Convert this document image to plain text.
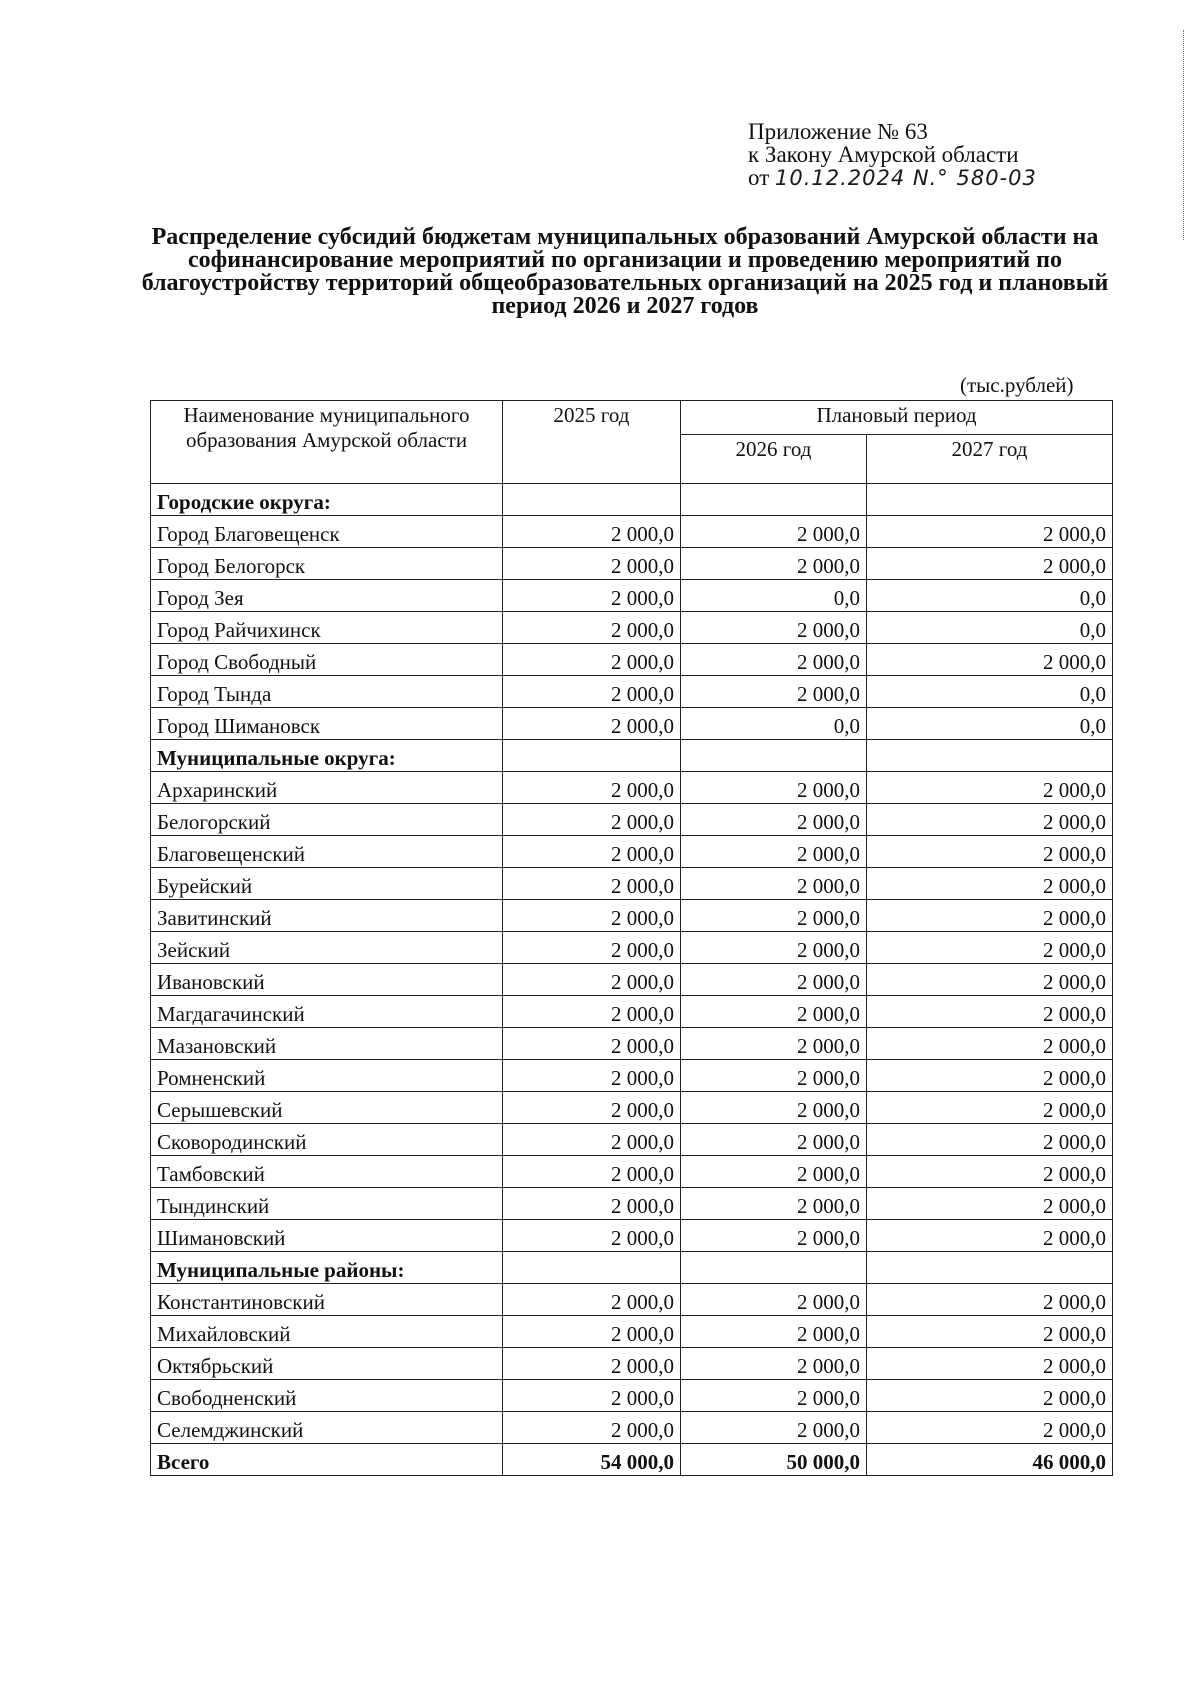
Приложение № 63
к Закону Амурской области
от 10.12.2024 N.° 580-03
Распределение субсидий бюджетам муниципальных образований Амурской области на софинансирование мероприятий по организации и проведению мероприятий по благоустройству территорий общеобразовательных организаций на 2025 год и плановый период 2026 и 2027 годов
(тыс.рублей)
Наименование муниципального образования Амурской области	2025 год	Плановый период	
		2026 год	2027 год
Городские округа:			
Город Благовещенск	2 000,0	2 000,0	2 000,0
Город Белогорск	2 000,0	2 000,0	2 000,0
Город Зея	2 000,0	0,0	0,0
Город Райчихинск	2 000,0	2 000,0	0,0
Город Свободный	2 000,0	2 000,0	2 000,0
Город Тында	2 000,0	2 000,0	0,0
Город Шимановск	2 000,0	0,0	0,0
Муниципальные округа:			
Архаринский	2 000,0	2 000,0	2 000,0
Белогорский	2 000,0	2 000,0	2 000,0
Благовещенский	2 000,0	2 000,0	2 000,0
Бурейский	2 000,0	2 000,0	2 000,0
Завитинский	2 000,0	2 000,0	2 000,0
Зейский	2 000,0	2 000,0	2 000,0
Ивановский	2 000,0	2 000,0	2 000,0
Магдагачинский	2 000,0	2 000,0	2 000,0
Мазановский	2 000,0	2 000,0	2 000,0
Ромненский	2 000,0	2 000,0	2 000,0
Серышевский	2 000,0	2 000,0	2 000,0
Сковородинский	2 000,0	2 000,0	2 000,0
Тамбовский	2 000,0	2 000,0	2 000,0
Тындинский	2 000,0	2 000,0	2 000,0
Шимановский	2 000,0	2 000,0	2 000,0
Муниципальные районы:			
Константиновский	2 000,0	2 000,0	2 000,0
Михайловский	2 000,0	2 000,0	2 000,0
Октябрьский	2 000,0	2 000,0	2 000,0
Свободненский	2 000,0	2 000,0	2 000,0
Селемджинский	2 000,0	2 000,0	2 000,0
Всего	54 000,0	50 000,0	46 000,0
